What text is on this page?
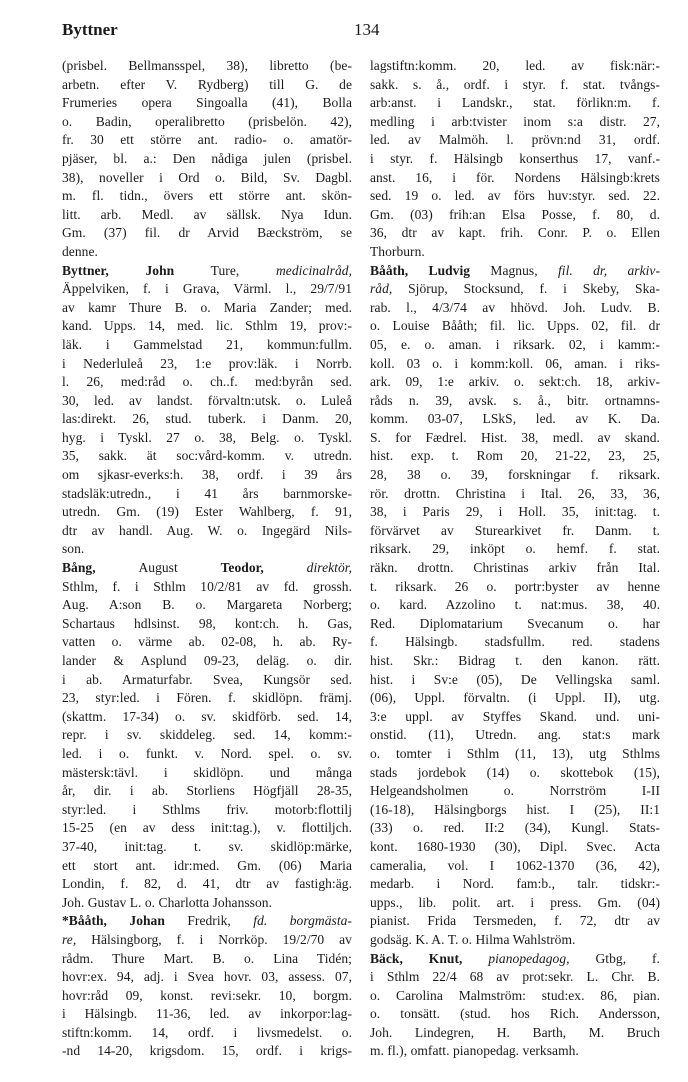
Byttner	134
(prisbel. Bellmansspel, 38), libretto (be-
arbetn. efter V. Rydberg) till G. de
Frumeries opera Singoalla (41), Bolla
o. Badin, operalibretto (prisbelön. 42),
fr. 30 ett större ant. radio- o. amatör-
pjäser, bl. a.: Den nådiga julen (prisbel.
38), noveller i Ord o. Bild, Sv. Dagbl.
m. fl. tidn., övers ett större ant. skön-
litt. arb. Medl. av sällsk. Nya Idun.
Gm. (37) fil. dr Arvid Bæckström, se
denne.
Byttner, John Ture, medicinalråd,
Äppelviken, f. i Grava, Värml. l., 29/7/91
av kamr Thure B. o. Maria Zander; med.
kand. Upps. 14, med. lic. Sthlm 19, prov:-
läk. i Gammelstad 21, kommun:fullm.
i Nederluleå 23, 1:e prov:läk. i Norrb.
l. 26, med:råd o. ch..f. med:byrån sed.
30, led. av landst. förvaltn:utsk. o. Luleå
las:direkt. 26, stud. tuberk. i Danm. 20,
hyg. i Tyskl. 27 o. 38, Belg. o. Tyskl.
35, sakk. ät soc:vård-komm. v. utredn.
om sjkasr-everks:h. 38, ordf. i 39 års
stadsläk:utredn., i 41 års barnmorske-
utredn. Gm. (19) Ester Wahlberg, f. 91,
dtr av handl. Aug. W. o. Ingegärd Nils-
son.
Bång, August Teodor, direktör,
Sthlm, f. i Sthlm 10/2/81 av fd. grossh.
Aug. A:son B. o. Margareta Norberg;
Schartaus hdlsinst. 98, kont:ch. h. Gas,
vatten o. värme ab. 02-08, h. ab. Ry-
lander & Asplund 09-23, deläg. o. dir.
i ab. Armaturfabr. Svea, Kungsör sed.
23, styr:led. i Fören. f. skidlöpn. främj.
(skattm. 17-34) o. sv. skidförb. sed. 14,
repr. i sv. skiddeleg. sed. 14, komm:-
led. i o. funkt. v. Nord. spel. o. sv.
mästersk:tävl. i skidlöpn. und många
år, dir. i ab. Storliens Högfjäll 28-35,
styr:led. i Sthlms friv. motorb:flottilj
15-25 (en av dess init:tag.), v. flottiljch.
37-40, init:tag. t. sv. skidlöp:märke,
ett stort ant. idr:med. Gm. (06) Maria
Londin, f. 82, d. 41, dtr av fastigh:äg.
Joh. Gustav L. o. Charlotta Johansson.
*Bååth, Johan Fredrik, fd. borgmästa-
re, Hälsingborg, f. i Norrköp. 19/2/70 av
rådm. Thure Mart. B. o. Lina Tidén;
hovr:ex. 94, adj. i Svea hovr. 03, assess. 07,
hovr:råd 09, konst. revi:sekr. 10, borgm.
i Hälsingb. 11-36, led. av inkorpor:lag-
stiftn:komm. 14, ordf. i livsmedelst. o.
-nd 14-20, krigsdom. 15, ordf. i krigs-
lagstiftn:komm. 20, led. av fisk:när:-
sakk. s. å., ordf. i styr. f. stat. tvångs-
arb:anst. i Landskr., stat. förlikn:m. f.
medling i arb:tvister inom s:a distr. 27,
led. av Malmöh. l. prövn:nd 31, ordf.
i styr. f. Hälsingb konserthus 17, vanf.-
anst. 16, i för. Nordens Hälsingb:krets
sed. 19 o. led. av förs huv:styr. sed. 22.
Gm. (03) frih:an Elsa Posse, f. 80, d.
36, dtr av kapt. frih. Conr. P. o. Ellen
Thorburn.
Bååth, Ludvig Magnus, fil. dr, arkiv-
råd, Sjörup, Stocksund, f. i Skeby, Ska-
rab. l., 4/3/74 av hhövd. Joh. Ludv. B.
o. Louise Bååth; fil. lic. Upps. 02, fil. dr
05, e. o. aman. i riksark. 02, i kamm:-
koll. 03 o. i komm:koll. 06, aman. i riks-
ark. 09, 1:e arkiv. o. sekt:ch. 18, arkiv-
råds n. 39, avsk. s. å., bitr. ortnamns-
komm. 03-07, LSkS, led. av K. Da.
S. for Fædrel. Hist. 38, medl. av skand.
hist. exp. t. Rom 20, 21-22, 23, 25,
28, 38 o. 39, forskningar f. riksark.
rör. drottn. Christina i Ital. 26, 33, 36,
38, i Paris 29, i Holl. 35, init:tag. t.
förvärvet av Sturearkivet fr. Danm. t.
riksark. 29, inköpt o. hemf. f. stat.
räkn. drottn. Christinas arkiv från Ital.
t. riksark. 26 o. portr:byster av henne
o. kard. Azzolino t. nat:mus. 38, 40.
Red. Diplomatarium Svecanum o. har
f. Hälsingb. stadsfullm. red. stadens
hist. Skr.: Bidrag t. den kanon. rätt.
hist. i Sv:e (05), De Vellingska saml.
(06), Uppl. förvaltn. (i Uppl. II), utg.
3:e uppl. av Styffes Skand. und. uni-
onstid. (11), Utredn. ang. stat:s mark
o. tomter i Sthlm (11, 13), utg Sthlms
stads jordebok (14) o. skottebok (15),
Helgeandsholmen o. Norrström I-II
(16-18), Hälsingborgs hist. I (25), II:1
(33) o. red. II:2 (34), Kungl. Stats-
kont. 1680-1930 (30), Dipl. Svec. Acta
cameralia, vol. I 1062-1370 (36, 42),
medarb. i Nord. fam:b., talr. tidskr:-
upps., lib. polit. art. i press. Gm. (04)
pianist. Frida Tersmeden, f. 72, dtr av
godsäg. K. A. T. o. Hilma Wahlström.
Bäck, Knut, pianopedagog, Gtbg, f.
i Sthlm 22/4 68 av prot:sekr. L. Chr. B.
o. Carolina Malmström: stud:ex. 86, pian.
o. tonsätt. (stud. hos Rich. Andersson,
Joh. Lindegren, H. Barth, M. Bruch
m. fl.), omfatt. pianopedag. verksamh.
